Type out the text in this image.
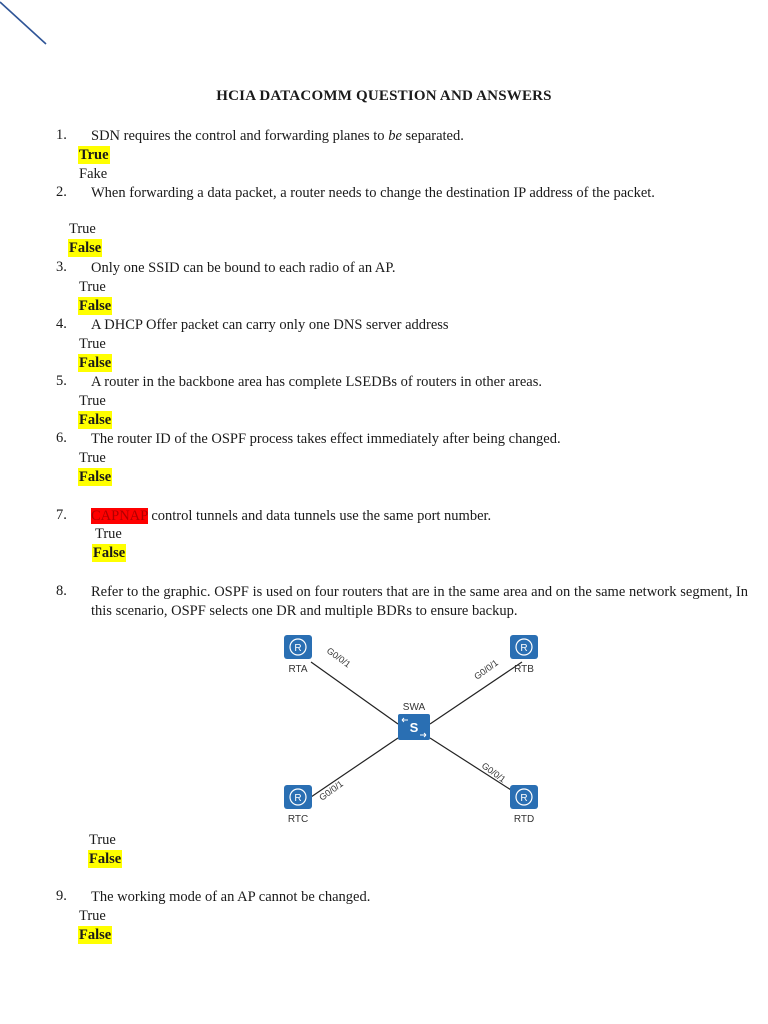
HCIA DATACOMM QUESTION AND ANSWERS
1. SDN requires the control and forwarding planes to be separated.
True
Fake
2. When forwarding a data packet, a router needs to change the destination IP address of the packet.
True
False
3. Only one SSID can be bound to each radio of an AP.
True
False
4. A DHCP Offer packet can carry only one DNS server address
True
False
5. A router in the backbone area has complete LSEDBs of routers in other areas.
True
False
6. The router ID of the OSPF process takes effect immediately after being changed.
True
False
7. CAPNAP control tunnels and data tunnels use the same port number.
True
False
8. Refer to the graphic. OSPF is used on four routers that are in the same area and on the same network segment, In this scenario, OSPF selects one DR and multiple BDRs to ensure backup.
R
RTA
R
RTB
R
RTC
R
RTD
SWA
S
G0/0/1
G0/0/1
G0/0/1
G0/0/1
True
False
9. The working mode of an AP cannot be changed.
True
False
